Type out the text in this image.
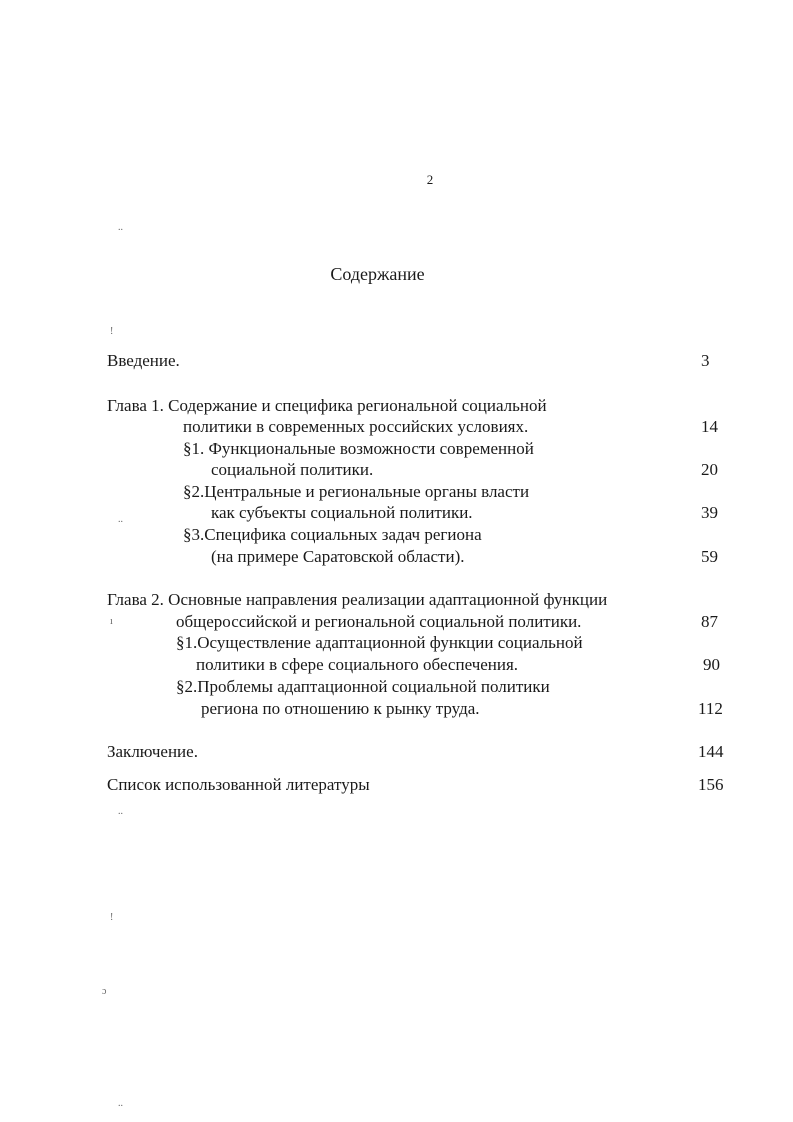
2
Содержание
Введение.	3
Глава 1. Содержание и специфика региональной социальной
политики в современных российских условиях.	14
§1. Функциональные возможности современной
социальной политики.	20
§2.Центральные и региональные органы власти
как субъекты социальной политики.	39
§3.Специфика социальных задач региона
(на примере Саратовской области).	59
Глава 2. Основные направления реализации адаптационной функции
общероссийской и региональной социальной политики.	87
§1.Осуществление адаптационной функции социальной
политики в сфере социального обеспечения.	90
§2.Проблемы адаптационной социальной политики
региона по отношению к рынку труда.	112
Заключение.	144
Список использованной литературы	156
..
!
..
ı
..
!
ɔ
..
